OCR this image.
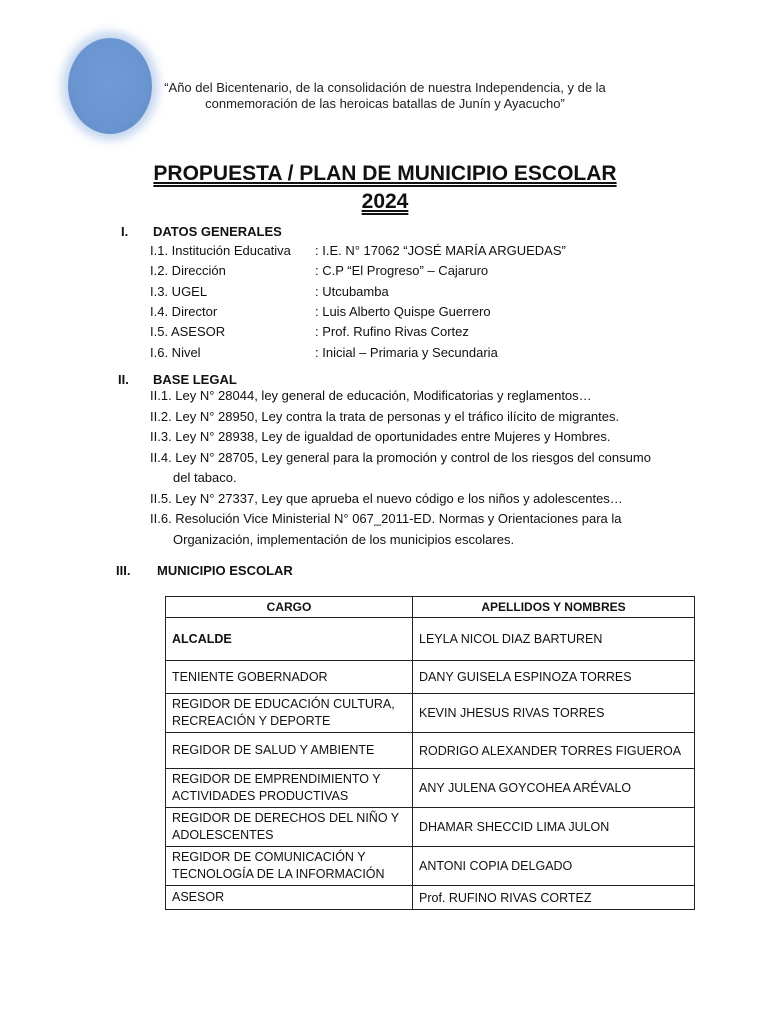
“Año del Bicentenario, de la consolidación de nuestra Independencia, y de la
conmemoración de las heroicas batallas de Junín y Ayacucho”
PROPUESTA / PLAN DE MUNICIPIO ESCOLAR
2024
I. DATOS GENERALES
I.1. Institución Educativa : I.E. N° 17062 “JOSÉ MARÍA ARGUEDAS”
I.2. Dirección	: C.P “El Progreso” – Cajaruro
I.3. UGEL	: Utcubamba
I.4. Director	: Luis Alberto Quispe Guerrero
I.5. ASESOR	: Prof. Rufino Rivas Cortez
I.6. Nivel	: Inicial – Primaria y Secundaria
II. BASE LEGAL
II.1. Ley N° 28044, ley general de educación, Modificatorias y reglamentos…
II.2. Ley N° 28950, Ley contra la trata de personas y el tráfico ilícito de migrantes.
II.3. Ley N° 28938, Ley de igualdad de oportunidades entre Mujeres y Hombres.
II.4. Ley N° 28705, Ley general para la promoción y control de los riesgos del consumo
del tabaco.
II.5. Ley N° 27337, Ley que aprueba el nuevo código e los niños y adolescentes…
II.6. Resolución Vice Ministerial N° 067_2011-ED. Normas y Orientaciones para la
Organización, implementación de los municipios escolares.
III. MUNICIPIO ESCOLAR
CARGO	APELLIDOS Y NOMBRES
ALCALDE	LEYLA NICOL DIAZ BARTUREN
TENIENTE GOBERNADOR	DANY GUISELA ESPINOZA TORRES
REGIDOR DE EDUCACIÓN CULTURA, RECREACIÓN Y DEPORTE	KEVIN JHESUS RIVAS TORRES
REGIDOR DE SALUD Y AMBIENTE	RODRIGO ALEXANDER TORRES FIGUEROA
REGIDOR DE EMPRENDIMIENTO Y ACTIVIDADES PRODUCTIVAS	ANY JULENA GOYCOHEA ARÉVALO
REGIDOR DE DERECHOS DEL NIÑO Y ADOLESCENTES	DHAMAR SHECCID LIMA JULON
REGIDOR DE COMUNICACIÓN Y TECNOLOGÍA DE LA INFORMACIÓN	ANTONI COPIA DELGADO
ASESOR	Prof. RUFINO RIVAS CORTEZ
